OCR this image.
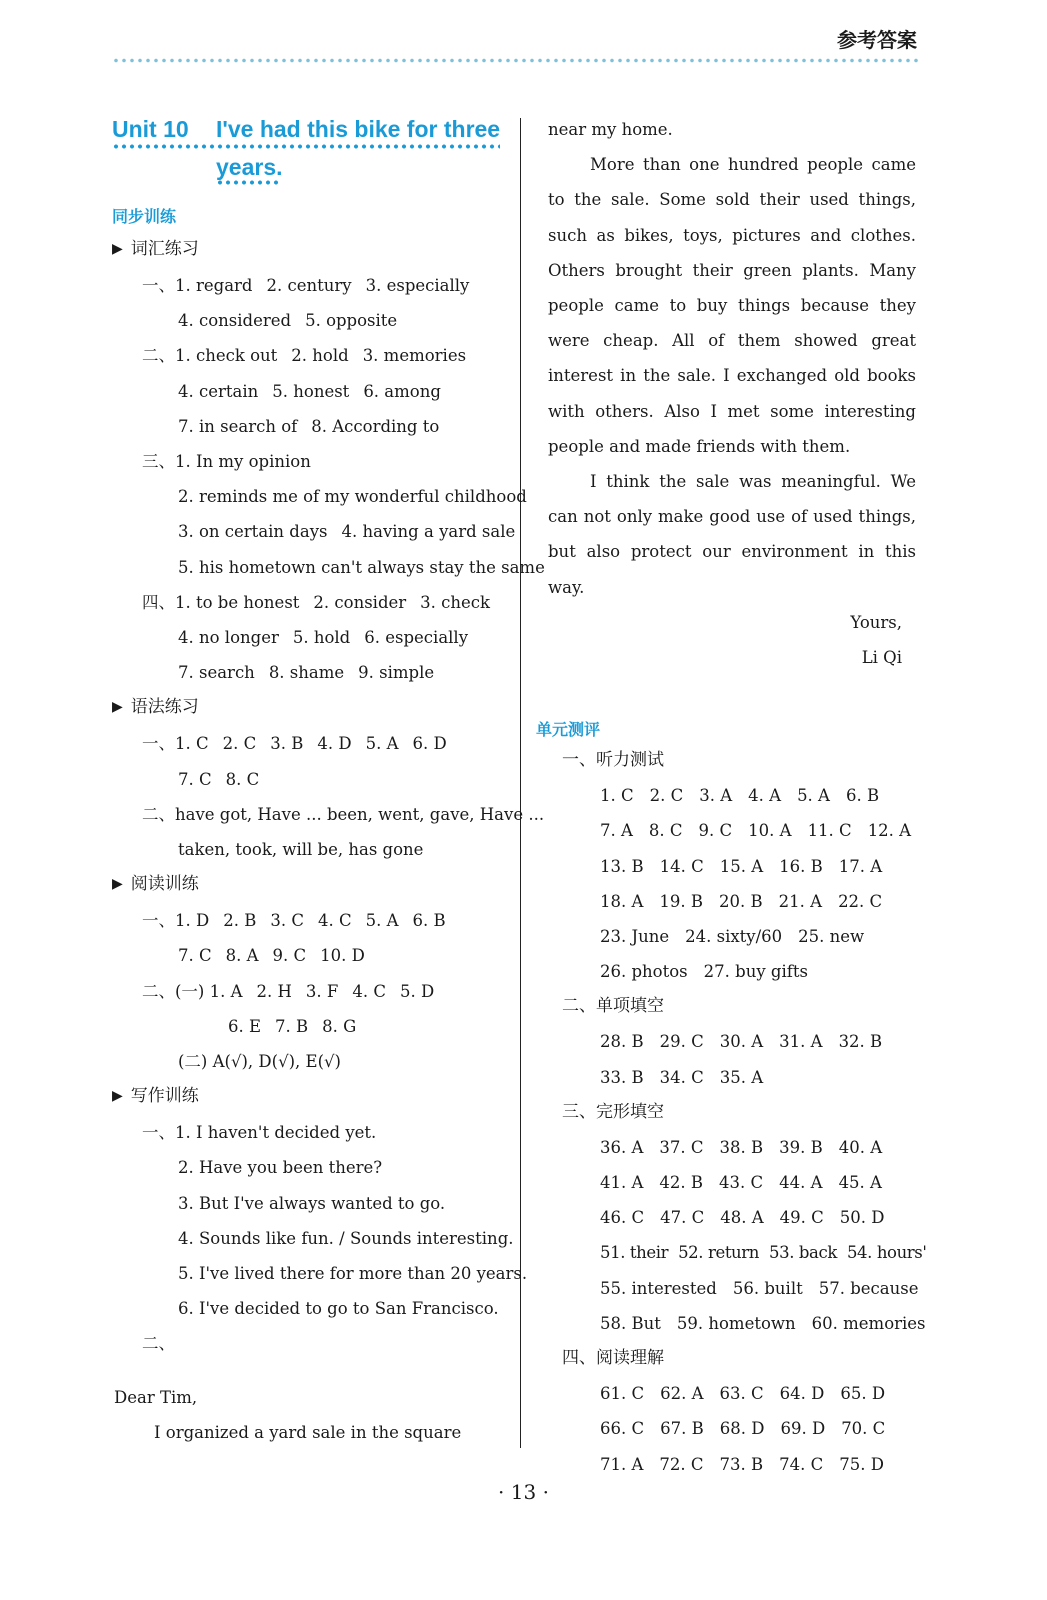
参考答案
Unit 10 I've had this bike for three
years.
同步训练
▶ 词汇练习
一、1. regard 2. century 3. especially
4. considered 5. opposite
二、1. check out 2. hold 3. memories
4. certain 5. honest 6. among
7. in search of 8. According to
三、1. In my opinion
2. reminds me of my wonderful childhood
3. on certain days 4. having a yard sale
5. his hometown can't always stay the same
四、1. to be honest 2. consider 3. check
4. no longer 5. hold 6. especially
7. search 8. shame 9. simple
▶ 语法练习
一、1. C 2. C 3. B 4. D 5. A 6. D
7. C 8. C
二、have got, Have ... been, went, gave, Have ...
taken, took, will be, has gone
▶ 阅读训练
一、1. D 2. B 3. C 4. C 5. A 6. B
7. C 8. A 9. C 10. D
二、(一) 1. A 2. H 3. F 4. C 5. D
6. E 7. B 8. G
(二) A(√), D(√), E(√)
▶ 写作训练
一、1. I haven't decided yet.
2. Have you been there?
3. But I've always wanted to go.
4. Sounds like fun. / Sounds interesting.
5. I've lived there for more than 20 years.
6. I've decided to go to San Francisco.
二、
Dear Tim,
I organized a yard sale in the square

near my home.

More than one hundred people came to the sale. Some sold their used things, such as bikes, toys, pictures and clothes. Others brought their green plants. Many people came to buy things because they were cheap. All of them showed great interest in the sale. I exchanged old books with others. Also I met some interesting people and made friends with them.

I think the sale was meaningful. We can not only make good use of used things, but also protect our environment in this way.

Yours,

Li Qi

单元测评
一、听力测试
1. C 2. C 3. A 4. A 5. A 6. B
7. A 8. C 9. C 10. A 11. C 12. A
13. B 14. C 15. A 16. B 17. A
18. A 19. B 20. B 21. A 22. C
23. June 24. sixty/60 25. new
26. photos 27. buy gifts
二、单项填空
28. B 29. C 30. A 31. A 32. B
33. B 34. C 35. A
三、完形填空
36. A 37. C 38. B 39. B 40. A
41. A 42. B 43. C 44. A 45. A
46. C 47. C 48. A 49. C 50. D
51. their 52. return 53. back 54. hours'
55. interested 56. built 57. because
58. But 59. hometown 60. memories
四、阅读理解
61. C 62. A 63. C 64. D 65. D
66. C 67. B 68. D 69. D 70. C
71. A 72. C 73. B 74. C 75. D
· 13 ·
